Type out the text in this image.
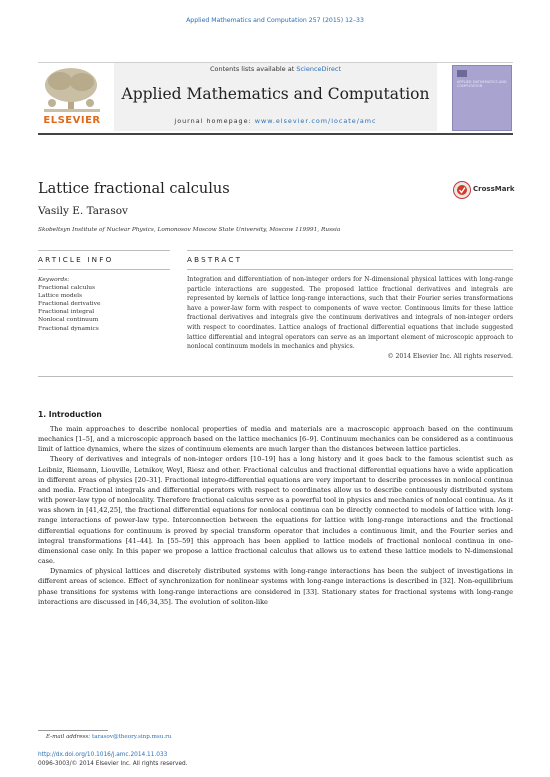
Applied Mathematics and Computation 257 (2015) 12–33
ELSEVIER
Contents lists available at ScienceDirect
Applied Mathematics and Computation
journal homepage: www.elsevier.com/locate/amc
APPLIED MATHEMATICS AND COMPUTATION
Lattice fractional calculus	CrossMark
Vasily E. Tarasov
Skobeltsyn Institute of Nuclear Physics, Lomonosov Moscow State University, Moscow 119991, Russia
ARTICLE INFO	ABSTRACT
Keywords:
Fractional calculus
Lattice models
Fractional derivative
Fractional integral
Nonlocal continuum
Fractional dynamics
Integration and differentiation of non-integer orders for N-dimensional physical lattices with long-range particle interactions are suggested. The proposed lattice fractional derivatives and integrals are represented by kernels of lattice long-range interactions, such that their Fourier series transformations have a power-law form with respect to components of wave vector. Continuous limits for these lattice fractional derivatives and integrals give the continuum derivatives and integrals of non-integer orders with respect to coordinates. Lattice analogs of fractional differential equations that include suggested lattice differential and integral operators can serve as an important element of microscopic approach to nonlocal continuum models in mechanics and physics.
© 2014 Elsevier Inc. All rights reserved.
1. Introduction

The main approaches to describe nonlocal properties of media and materials are a macroscopic approach based on the continuum mechanics [1–5], and a microscopic approach based on the lattice mechanics [6–9]. Continuum mechanics can be considered as a continuous limit of lattice dynamics, where the sizes of continuum elements are much larger than the distances between lattice particles.

Theory of derivatives and integrals of non-integer orders [10–19] has a long history and it goes back to the famous scientist such as Leibniz, Riemann, Liouville, Letnikov, Weyl, Riesz and other. Fractional calculus and fractional differential equations have a wide application in different areas of physics [20–31]. Fractional integro-differential equations are very important to describe processes in nonlocal continua and media. Fractional integrals and differential operators with respect to coordinates allow us to describe continuously distributed system with power-law type of nonlocality. Therefore fractional calculus serve as a powerful tool in physics and mechanics of nonlocal continua. As it was shown in [41,42,25], the fractional differential equations for nonlocal continua can be directly connected to models of lattice with long-range interactions of power-law type. Interconnection between the equations for lattice with long-range interactions and the fractional differential equations for continuum is proved by special transform operator that includes a continuous limit, and the Fourier series and integral transformations [41–44]. In [55–59] this approach has been applied to lattice models of fractional nonlocal continua in one-dimensional case only. In this paper we propose a lattice fractional calculus that allows us to extend these lattice models to N-dimensional case.

Dynamics of physical lattices and discretely distributed systems with long-range interactions has been the subject of investigations in different areas of science. Effect of synchronization for nonlinear systems with long-range interactions is described in [32]. Non-equilibrium phase transitions for systems with long-range interactions are considered in [33]. Stationary states for fractional systems with long-range interactions are discussed in [46,34,35]. The evolution of soliton-like

E-mail address: tarasov@theory.sinp.msu.ru
http://dx.doi.org/10.1016/j.amc.2014.11.033
0096-3003/© 2014 Elsevier Inc. All rights reserved.
